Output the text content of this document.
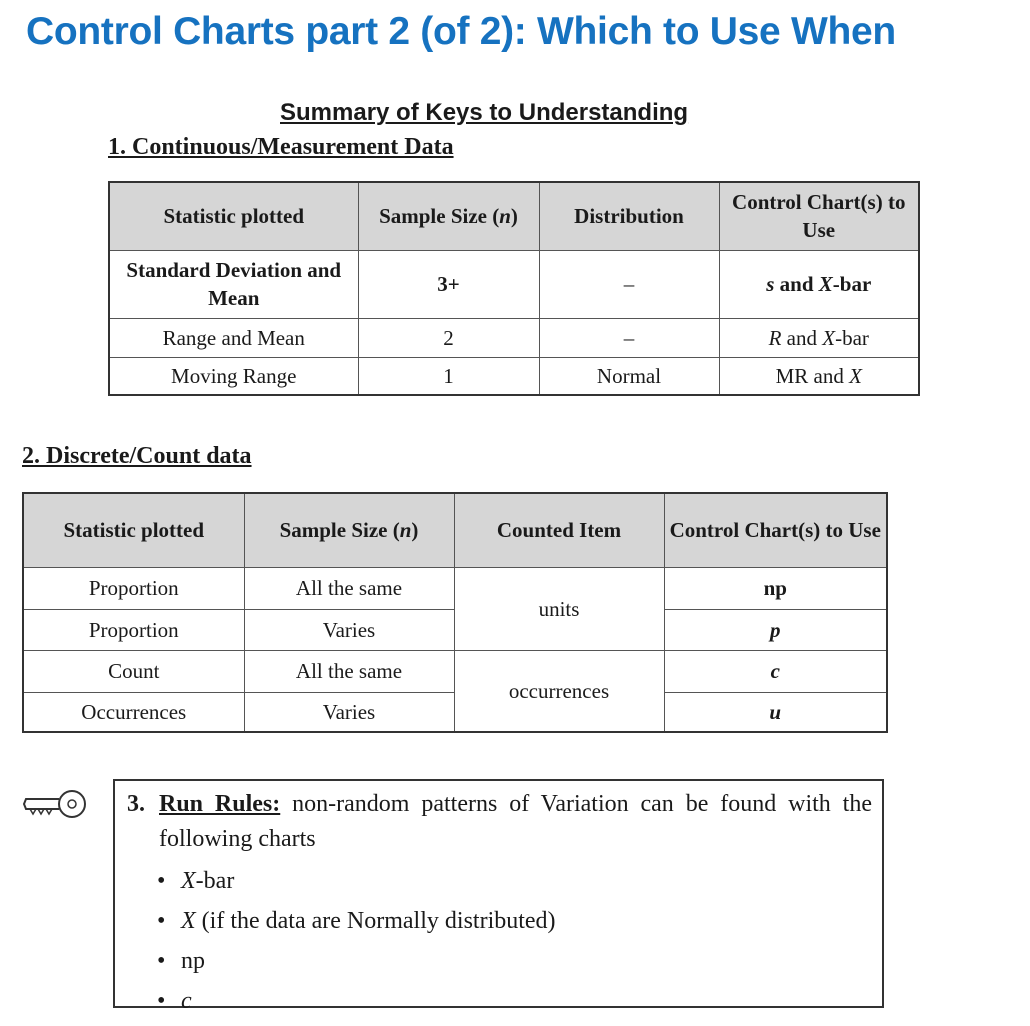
Control Charts part 2 (of 2): Which to Use When
Summary of Keys to Understanding
1. Continuous/Measurement Data
Statistic plotted	Sample Size (n)	Distribution	Control Chart(s) to Use
Standard Deviation and Mean	3+	–	s and X-bar
Range and Mean	2	–	R and X-bar
Moving Range	1	Normal	MR and X
2. Discrete/Count data
Statistic plotted	Sample Size (n)	Counted Item	Control Chart(s) to Use
Proportion	All the same	units	np
Proportion	Varies		p
Count	All the same	occurrences	c
Occurrences	Varies		u
3. Run Rules: non-random patterns of Variation can be found with the following charts
• X-bar
• X (if the data are Normally distributed)
• np
• c
